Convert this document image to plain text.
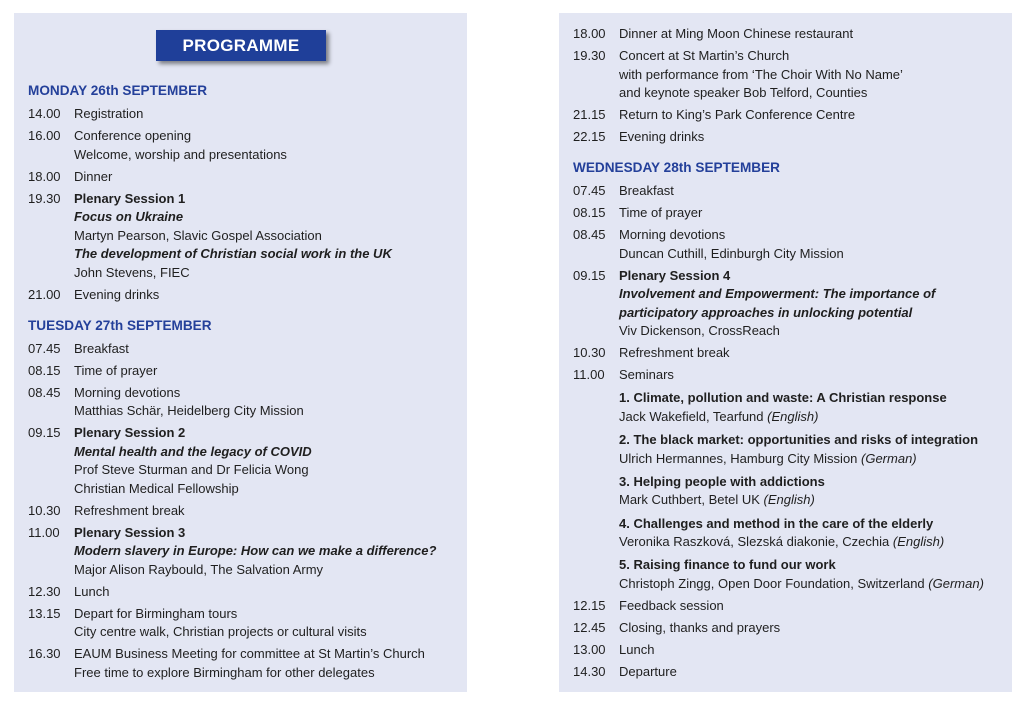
PROGRAMME
MONDAY 26th SEPTEMBER
14.00 Registration
16.00 Conference opening
Welcome, worship and presentations
18.00 Dinner
19.30 Plenary Session 1
Focus on Ukraine
Martyn Pearson, Slavic Gospel Association
The development of Christian social work in the UK
John Stevens, FIEC
21.00 Evening drinks
TUESDAY 27th SEPTEMBER
07.45 Breakfast
08.15 Time of prayer
08.45 Morning devotions
Matthias Schär, Heidelberg City Mission
09.15 Plenary Session 2
Mental health and the legacy of COVID
Prof Steve Sturman and Dr Felicia Wong
Christian Medical Fellowship
10.30 Refreshment break
11.00 Plenary Session 3
Modern slavery in Europe: How can we make a difference?
Major Alison Raybould, The Salvation Army
12.30 Lunch
13.15 Depart for Birmingham tours
City centre walk, Christian projects or cultural visits
16.30 EAUM Business Meeting for committee at St Martin’s Church
Free time to explore Birmingham for other delegates
18.00 Dinner at Ming Moon Chinese restaurant
19.30 Concert at St Martin’s Church
with performance from ‘The Choir With No Name’
and keynote speaker Bob Telford, Counties
21.15 Return to King’s Park Conference Centre
22.15 Evening drinks
WEDNESDAY 28th SEPTEMBER
07.45 Breakfast
08.15 Time of prayer
08.45 Morning devotions
Duncan Cuthill, Edinburgh City Mission
09.15 Plenary Session 4
Involvement and Empowerment: The importance of
participatory approaches in unlocking potential
Viv Dickenson, CrossReach
10.30 Refreshment break
11.00 Seminars
1. Climate, pollution and waste: A Christian response
Jack Wakefield, Tearfund (English)
2. The black market: opportunities and risks of integration
Ulrich Hermannes, Hamburg City Mission (German)
3. Helping people with addictions
Mark Cuthbert, Betel UK (English)
4. Challenges and method in the care of the elderly
Veronika Raszková, Slezská diakonie, Czechia (English)
5. Raising finance to fund our work
Christoph Zingg, Open Door Foundation, Switzerland (German)
12.15 Feedback session
12.45 Closing, thanks and prayers
13.00 Lunch
14.30 Departure
